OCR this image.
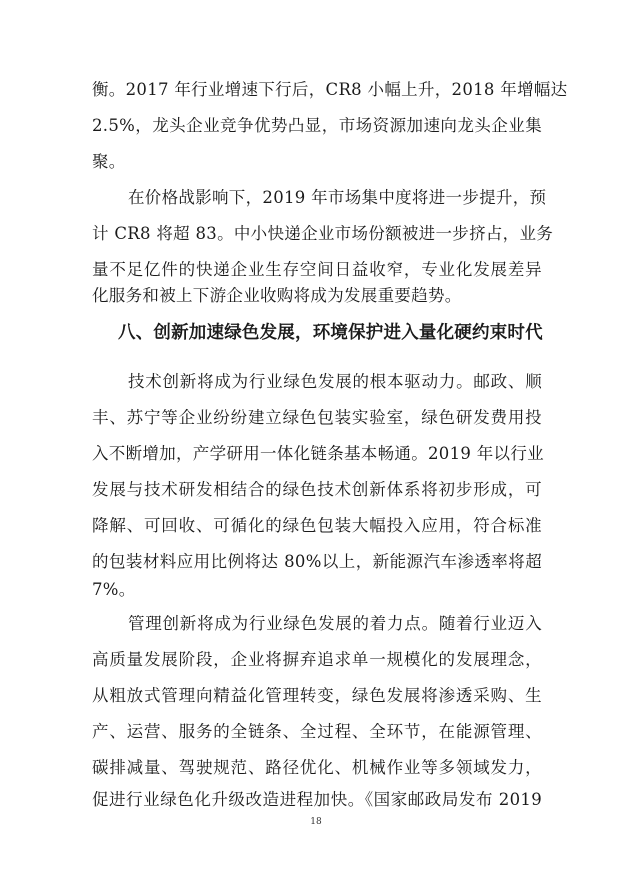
衡。2017 年行业增速下行后，CR8 小幅上升，2018 年增幅达
2.5%，龙头企业竞争优势凸显，市场资源加速向龙头企业集
聚。
在价格战影响下，2019 年市场集中度将进一步提升，预
计 CR8 将超 83。中小快递企业市场份额被进一步挤占，业务
量不足亿件的快递企业生存空间日益收窄，专业化发展差异
化服务和被上下游企业收购将成为发展重要趋势。
八、创新加速绿色发展，环境保护进入量化硬约束时代
技术创新将成为行业绿色发展的根本驱动力。邮政、顺
丰、苏宁等企业纷纷建立绿色包装实验室，绿色研发费用投
入不断增加，产学研用一体化链条基本畅通。2019 年以行业
发展与技术研发相结合的绿色技术创新体系将初步形成，可
降解、可回收、可循化的绿色包装大幅投入应用，符合标准
的包装材料应用比例将达 80%以上，新能源汽车渗透率将超
7%。
管理创新将成为行业绿色发展的着力点。随着行业迈入
高质量发展阶段，企业将摒弃追求单一规模化的发展理念，
从粗放式管理向精益化管理转变，绿色发展将渗透采购、生
产、运营、服务的全链条、全过程、全环节，在能源管理、
碳排减量、驾驶规范、路径优化、机械作业等多领域发力，
促进行业绿色化升级改造进程加快。《国家邮政局发布 2019
18
